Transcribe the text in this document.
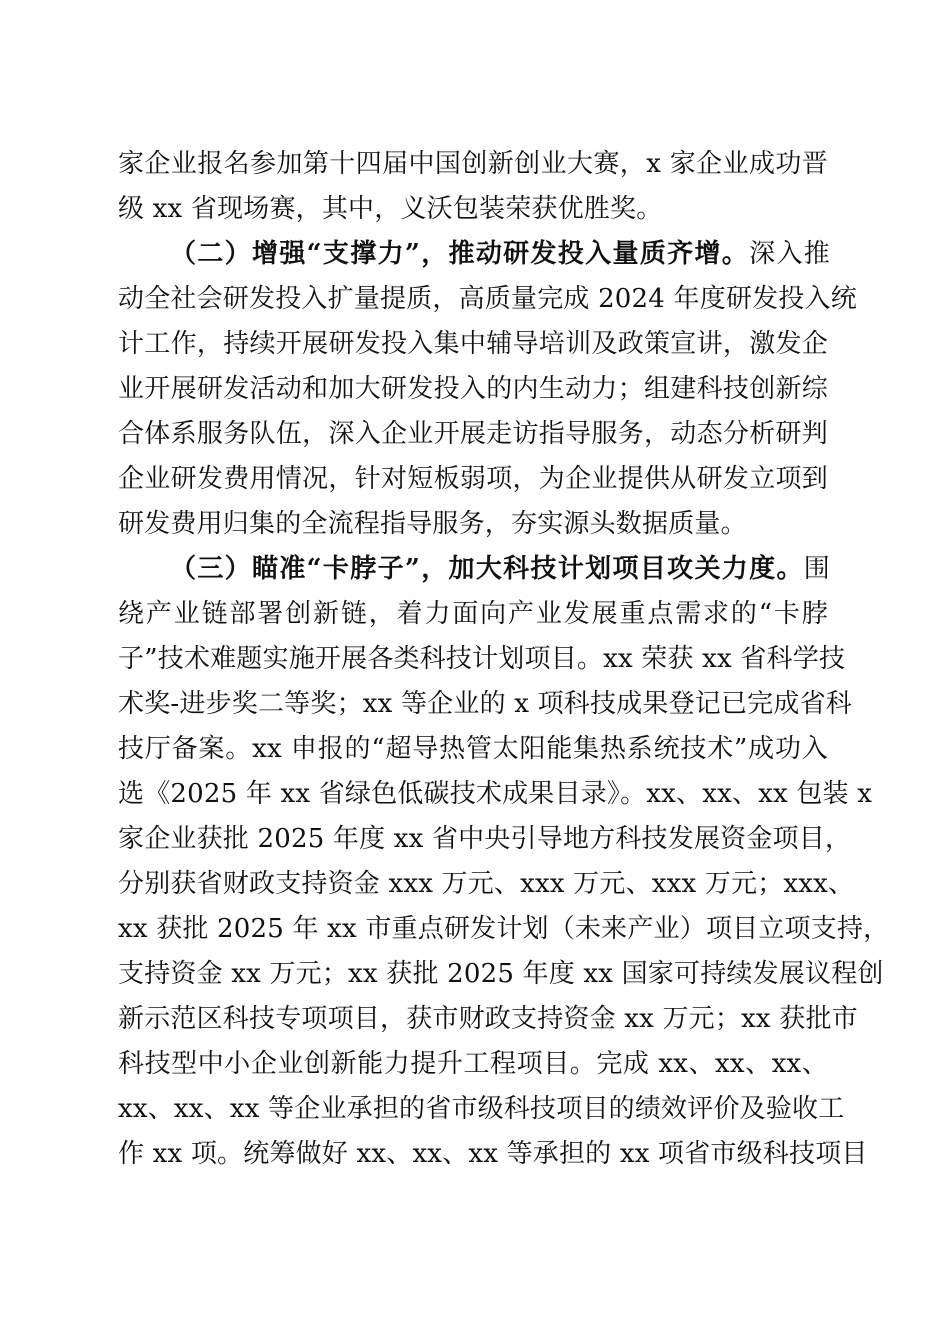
家企业报名参加第十四届中国创新创业大赛，x 家企业成功晋
级 xx 省现场赛，其中，义沃包装荣获优胜奖。
（二）增强“支撑力”，推动研发投入量质齐增。深入推
动全社会研发投入扩量提质，高质量完成 2024 年度研发投入统
计工作，持续开展研发投入集中辅导培训及政策宣讲，激发企
业开展研发活动和加大研发投入的内生动力；组建科技创新综
合体系服务队伍，深入企业开展走访指导服务，动态分析研判
企业研发费用情况，针对短板弱项，为企业提供从研发立项到
研发费用归集的全流程指导服务，夯实源头数据质量。
（三）瞄准“卡脖子”，加大科技计划项目攻关力度。围
绕产业链部署创新链，着力面向产业发展重点需求的“卡脖
子”技术难题实施开展各类科技计划项目。xx 荣获 xx 省科学技
术奖-进步奖二等奖；xx 等企业的 x 项科技成果登记已完成省科
技厅备案。xx 申报的“超导热管太阳能集热系统技术”成功入
选《2025 年 xx 省绿色低碳技术成果目录》。xx、xx、xx 包装 x
家企业获批 2025 年度 xx 省中央引导地方科技发展资金项目，
分别获省财政支持资金 xxx 万元、xxx 万元、xxx 万元；xxx、
xx 获批 2025 年 xx 市重点研发计划（未来产业）项目立项支持，
支持资金 xx 万元；xx 获批 2025 年度 xx 国家可持续发展议程创
新示范区科技专项项目，获市财政支持资金 xx 万元；xx 获批市
科技型中小企业创新能力提升工程项目。完成 xx、xx、xx、
xx、xx、xx 等企业承担的省市级科技项目的绩效评价及验收工
作 xx 项。统筹做好 xx、xx、xx 等承担的 xx 项省市级科技项目
